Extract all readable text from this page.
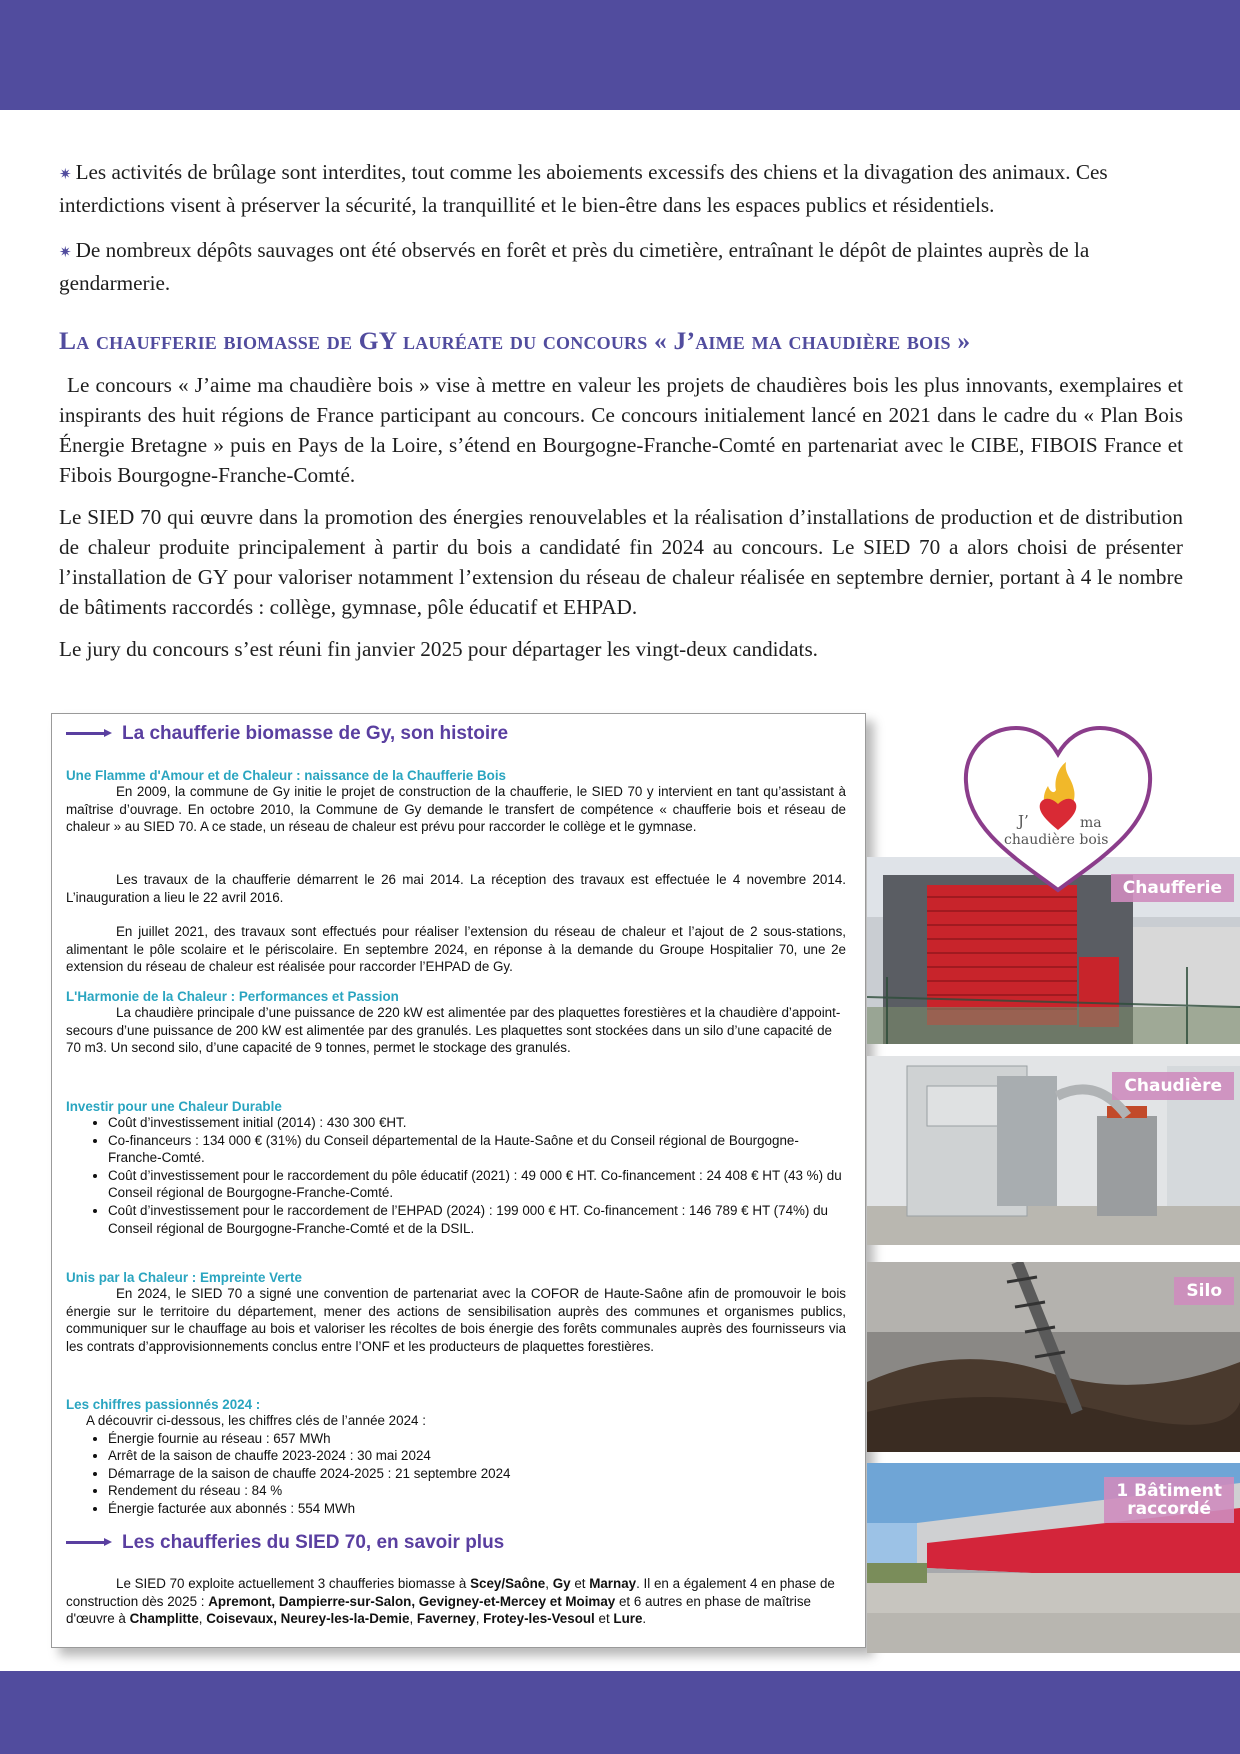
✷ Les activités de brûlage sont interdites, tout comme les aboiements excessifs des chiens et la divagation des animaux. Ces interdictions visent à préserver la sécurité, la tranquillité et le bien-être dans les espaces publics et résidentiels.

✷ De nombreux dépôts sauvages ont été observés en forêt et près du cimetière, entraînant le dépôt de plaintes auprès de la gendarmerie.

La chaufferie biomasse de GY lauréate du concours « J’aime ma chaudière bois »

Le concours « J’aime ma chaudière bois » vise à mettre en valeur les projets de chaudières bois les plus innovants, exemplaires et inspirants des huit régions de France participant au concours. Ce concours initialement lancé en 2021 dans le cadre du « Plan Bois Énergie Bretagne » puis en Pays de la Loire, s’étend en Bourgogne-Franche-Comté en partenariat avec le CIBE, FIBOIS France et Fibois Bourgogne-Franche-Comté.

Le SIED 70 qui œuvre dans la promotion des énergies renouvelables et la réalisation d’installations de production et de distribution de chaleur produite principalement à partir du bois a candidaté fin 2024 au concours. Le SIED 70 a alors choisi de présenter l’installation de GY pour valoriser notamment l’extension du réseau de chaleur réalisée en septembre dernier, portant à 4 le nombre de bâtiments raccordés : collège, gymnase, pôle éducatif et EHPAD.

Le jury du concours s’est réuni fin janvier 2025 pour départager les vingt-deux candidats.

La chaufferie biomasse de Gy, son histoire

Une Flamme d'Amour et de Chaleur : naissance de la Chaufferie Bois

En 2009, la commune de Gy initie le projet de construction de la chaufferie, le SIED 70 y intervient en tant qu’assistant à maîtrise d’ouvrage. En octobre 2010, la Commune de Gy demande le transfert de compétence « chaufferie bois et réseau de chaleur » au SIED 70. A ce stade, un réseau de chaleur est prévu pour raccorder le collège et le gymnase.

Les travaux de la chaufferie démarrent le 26 mai 2014. La réception des travaux est effectuée le 4 novembre 2014. L’inauguration a lieu le 22 avril 2016.

En juillet 2021, des travaux sont effectués pour réaliser l’extension du réseau de chaleur et l’ajout de 2 sous-stations, alimentant le pôle scolaire et le périscolaire. En septembre 2024, en réponse à la demande du Groupe Hospitalier 70, une 2e extension du réseau de chaleur est réalisée pour raccorder l’EHPAD de Gy.

L'Harmonie de la Chaleur : Performances et Passion

La chaudière principale d’une puissance de 220 kW est alimentée par des plaquettes forestières et la chaudière d’appoint-secours d’une puissance de 200 kW est alimentée par des granulés. Les plaquettes sont stockées dans un silo d’une capacité de 70 m3. Un second silo, d’une capacité de 9 tonnes, permet le stockage des granulés.

Investir pour une Chaleur Durable

• Coût d’investissement initial (2014) : 430 300 €HT.
• Co-financeurs : 134 000 € (31%) du Conseil départemental de la Haute-Saône et du Conseil régional de Bourgogne-Franche-Comté.
• Coût d’investissement pour le raccordement du pôle éducatif (2021) : 49 000 € HT. Co-financement : 24 408 € HT (43 %) du Conseil régional de Bourgogne-Franche-Comté.
• Coût d’investissement pour le raccordement de l’EHPAD (2024) : 199 000 € HT. Co-financement : 146 789 € HT (74%) du Conseil régional de Bourgogne-Franche-Comté et de la DSIL.

Unis par la Chaleur : Empreinte Verte

En 2024, le SIED 70 a signé une convention de partenariat avec la COFOR de Haute-Saône afin de promouvoir le bois énergie sur le territoire du département, mener des actions de sensibilisation auprès des communes et organismes publics, communiquer sur le chauffage au bois et valoriser les récoltes de bois énergie des forêts communales auprès des fournisseurs via les contrats d’approvisionnements conclus entre l’ONF et les producteurs de plaquettes forestières.

Les chiffres passionnés 2024 :

A découvrir ci-dessous, les chiffres clés de l’année 2024 :

• Énergie fournie au réseau : 657 MWh
• Arrêt de la saison de chauffe 2023-2024 : 30 mai 2024
• Démarrage de la saison de chauffe 2024-2025 : 21 septembre 2024
• Rendement du réseau : 84 %
• Énergie facturée aux abonnés : 554 MWh
Les chaufferies du SIED 70, en savoir plus

Le SIED 70 exploite actuellement 3 chaufferies biomasse à Scey/Saône, Gy et Marnay. Il en a également 4 en phase de construction dès 2025 : Apremont, Dampierre-sur-Salon, Gevigney-et-Mercey et Moimay et 6 autres en phase de maîtrise d'œuvre à Champlitte, Coisevaux, Neurey-les-la-Demie, Faverney, Frotey-les-Vesoul et Lure.

Chaufferie
Chaudière
Silo
1 Bâtiment
raccordé
J’	ma
chaudière bois
